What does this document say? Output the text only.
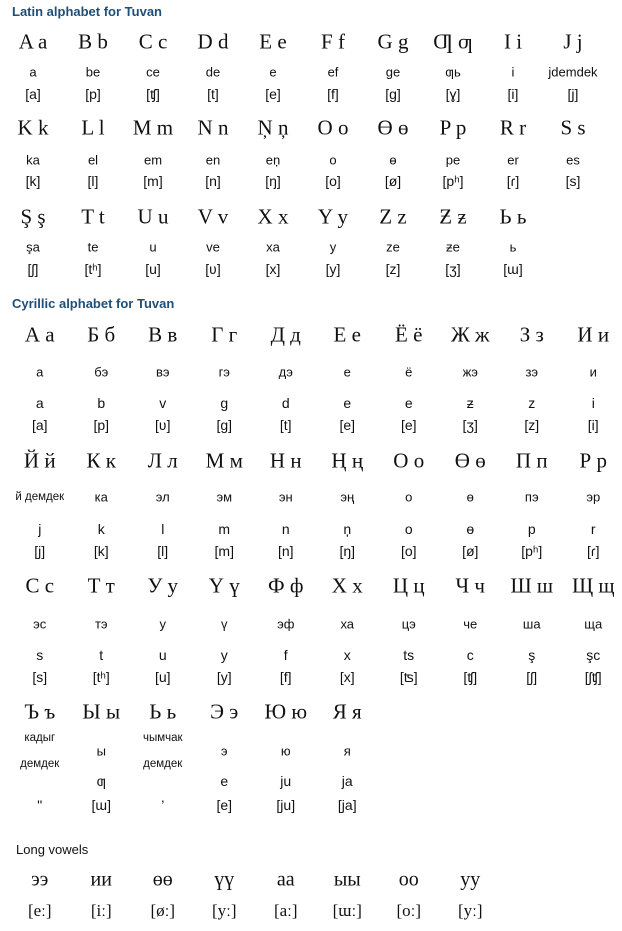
Latin alphabet for Tuvan
Cyrillic alphabet for Tuvan
Long vowels
A a
a
[a]
B b
be
[p]
C c
ce
[ʧ]
D d
de
[t]
E e
e
[e]
F f
ef
[f]
G g
ge
[g]
Ƣ ƣ
ƣь
[ɣ]
I i
i
[i]
J j
jdemdek
[j]
K k
ka
[k]
L l
el
[l]
M m
em
[m]
N n
en
[n]
Ņ ņ
eņ
[ŋ]
O o
o
[o]
Ɵ ɵ
ɵ
[ø]
P p
pe
[pʰ]
R r
er
[ɾ]
S s
es
[s]
Ş ş
şa
[ʃ]
T t
te
[tʰ]
U u
u
[u]
V v
ve
[ʋ]
X x
xa
[x]
Y y
y
[y]
Z z
ze
[z]
Ƶ ƶ
ƶe
[ʒ]
Ь ь
ь
[ɯ]
А а
а
a
[a]
Б б
бэ
b
[p]
В в
вэ
v
[ʋ]
Г г
гэ
g
[g]
Д д
дэ
d
[t]
Е е
е
e
[e]
Ё ё
ё
e
[e]
Ж ж
жэ
ƶ
[ʒ]
З з
зэ
z
[z]
И и
и
i
[i]
Й й
й демдек
j
[j]
К к
ка
k
[k]
Л л
эл
l
[l]
М м
эм
m
[m]
Н н
эн
n
[n]
Ң ң
эң
ņ
[ŋ]
О о
о
o
[o]
Ө ө
ө
ɵ
[ø]
П п
пэ
p
[pʰ]
Р р
эр
r
[ɾ]
С с
эс
s
[s]
Т т
тэ
t
[tʰ]
У у
у
u
[u]
Ү ү
ү
y
[y]
Ф ф
эф
f
[f]
Х х
ха
x
[x]
Ц ц
цэ
ts
[ʦ]
Ч ч
че
c
[ʧ]
Ш ш
ша
ş
[ʃ]
Щ щ
ща
şc
[ʃʧ]
Ъ ъ
кадыг демдек
"
Ы ы
ы
ƣ
[ɯ]
Ь ь
чымчак демдек
’
Э э
э
e
[e]
Ю ю
ю
ju
[ju]
Я я
я
ja
[ja]
ээ
[eː]
ии
[iː]
өө
[øː]
үү
[yː]
аа
[aː]
ыы
[ɯː]
оо
[oː]
уу
[yː]
